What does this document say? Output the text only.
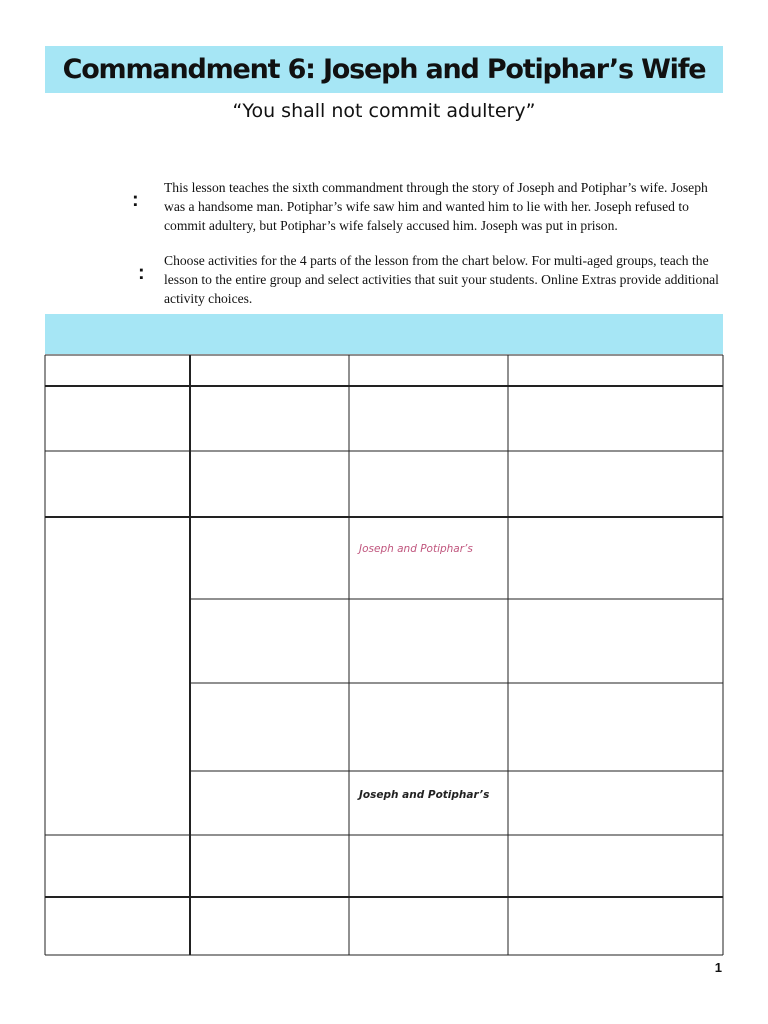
Commandment 6: Joseph and Potiphar’s Wife
“You shall not commit adultery”
:
This lesson teaches the sixth commandment through the story of Joseph and Potiphar’s wife. Joseph was a handsome man. Potiphar’s wife saw him and wanted him to lie with her. Joseph refused to commit adultery, but Potiphar’s wife falsely accused him. Joseph was put in prison.
:
Choose activities for the 4 parts of the lesson from the chart below. For multi-aged groups, teach the lesson to the entire group and select activities that suit your students. Online Extras provide additional activity choices.
Joseph and Potiphar’s
Joseph and Potiphar’s
1
